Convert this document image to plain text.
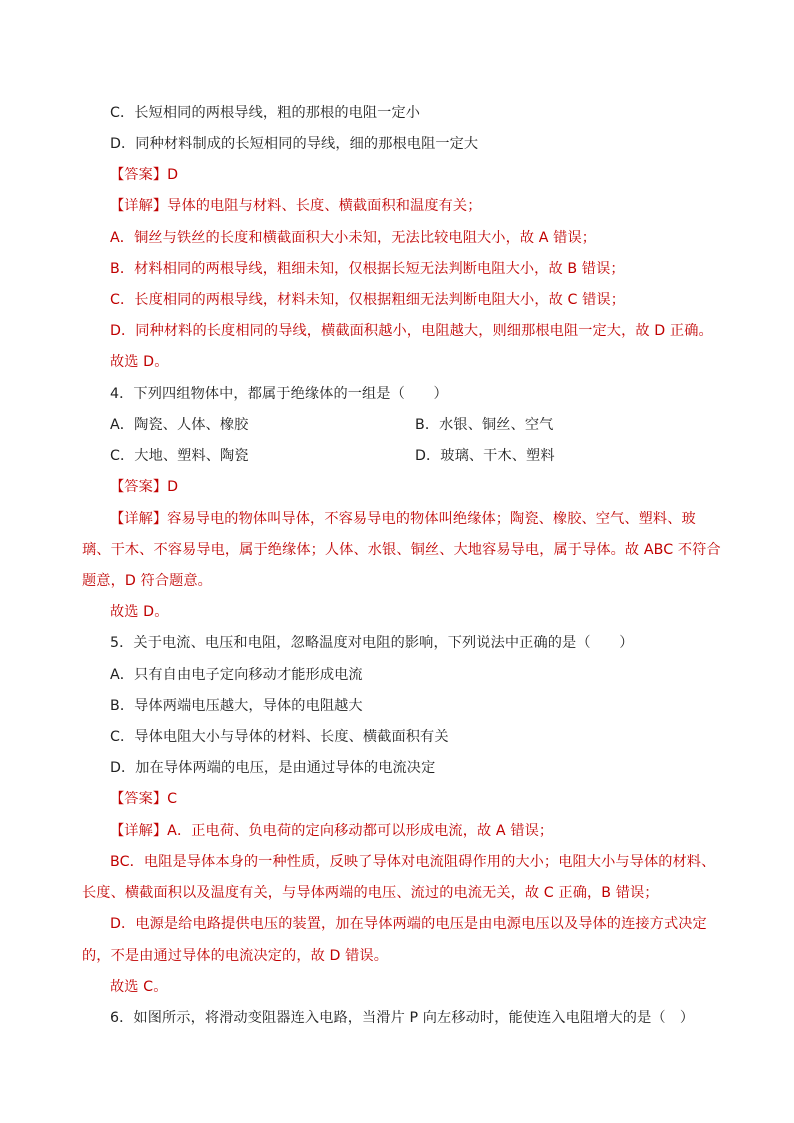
C．长短相同的两根导线，粗的那根的电阻一定小
D．同种材料制成的长短相同的导线，细的那根电阻一定大
【答案】D
【详解】导体的电阻与材料、长度、横截面积和温度有关；
A．铜丝与铁丝的长度和横截面积大小未知，无法比较电阻大小，故 A 错误；
B．材料相同的两根导线，粗细未知，仅根据长短无法判断电阻大小，故 B 错误；
C．长度相同的两根导线，材料未知，仅根据粗细无法判断电阻大小，故 C 错误；
D．同种材料的长度相同的导线，横截面积越小，电阻越大，则细那根电阻一定大，故 D 正确。
故选 D。
4．下列四组物体中，都属于绝缘体的一组是（　　）
A．陶瓷、人体、橡胶	B．水银、铜丝、空气
C．大地、塑料、陶瓷	D．玻璃、干木、塑料
【答案】D
【详解】容易导电的物体叫导体，不容易导电的物体叫绝缘体；陶瓷、橡胶、空气、塑料、玻
璃、干木、不容易导电，属于绝缘体；人体、水银、铜丝、大地容易导电，属于导体。故 ABC 不符合
题意，D 符合题意。
故选 D。
5．关于电流、电压和电阻，忽略温度对电阻的影响，下列说法中正确的是（　　）
A．只有自由电子定向移动才能形成电流
B．导体两端电压越大，导体的电阻越大
C．导体电阻大小与导体的材料、长度、横截面积有关
D．加在导体两端的电压，是由通过导体的电流决定
【答案】C
【详解】A．正电荷、负电荷的定向移动都可以形成电流，故 A 错误；
BC．电阻是导体本身的一种性质，反映了导体对电流阻碍作用的大小；电阻大小与导体的材料、
长度、横截面积以及温度有关，与导体两端的电压、流过的电流无关，故 C 正确，B 错误；
D．电源是给电路提供电压的装置，加在导体两端的电压是由电源电压以及导体的连接方式决定
的，不是由通过导体的电流决定的，故 D 错误。
故选 C。
6．如图所示，将滑动变阻器连入电路，当滑片 P 向左移动时，能使连入电阻增大的是（　）
